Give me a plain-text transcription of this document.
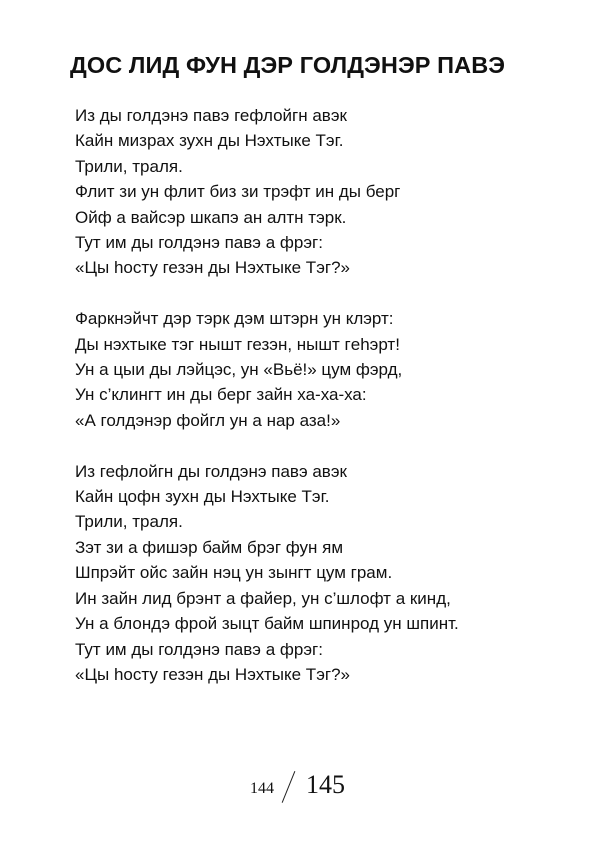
ДОС ЛИД ФУН ДЭР ГОЛДЭНЭР ПАВЭ
Из ды голдэнэ павэ гефлойгн авэк
Кайн мизрах зухн ды Нэхтыке Тэг.
Трили, траля.
Флит зи ун флит биз зи трэфт ин ды берг
Ойф а вайсэр шкапэ ан алтн тэрк.
Тут им ды голдэнэ павэ а фрэг:
«Цы hосту гезэн ды Нэхтыке Тэг?»
Фаркнэйчт дэр тэрк дэм штэрн ун клэрт:
Ды нэхтыке тэг нышт гезэн, нышт гehэрт!
Ун а цыи ды лэйцэс, ун «Вьё!» цум фэрд,
Ун с’клингт ин ды берг зайн ха-ха-ха:
«А голдэнэр фойгл ун а нар аза!»
Из гефлойгн ды голдэнэ павэ авэк
Кайн цофн зухн ды Нэхтыке Тэг.
Трили, траля.
Зэт зи а фишэр байм брэг фун ям
Шпрэйт ойс зайн нэц ун зынгт цум грам.
Ин зайн лид брэнт а файер, ун с’шлофт а кинд,
Ун а блондэ фрой зыцт байм шпинрод ун шпинт.
Тут им ды голдэнэ павэ а фрэг:
«Цы hосту гезэн ды Нэхтыке Тэг?»
144 145
